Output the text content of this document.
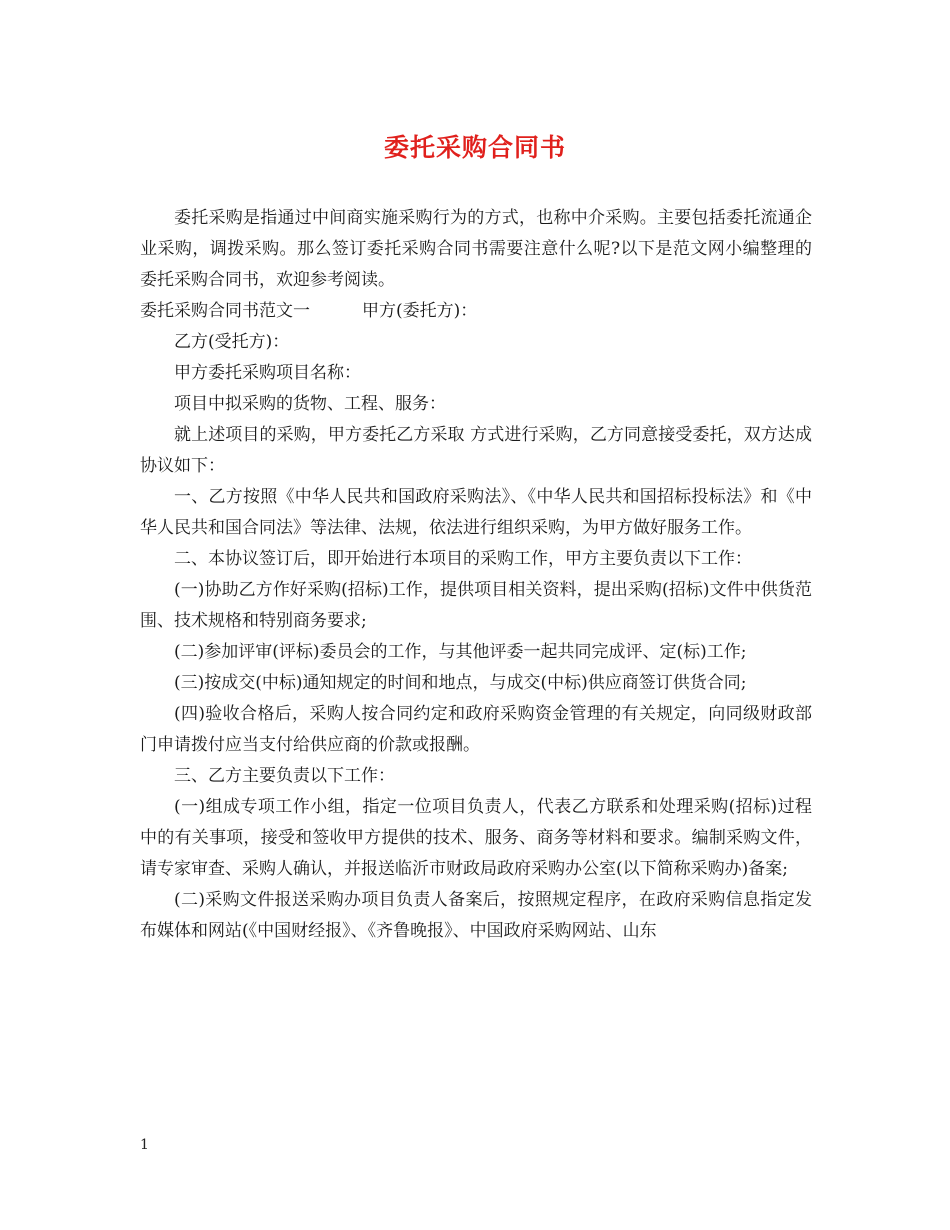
委托采购合同书

委托采购是指通过中间商实施采购行为的方式，也称中介采购。主要包括委托流通企业采购，调拨采购。那么签订委托采购合同书需要注意什么呢?以下是范文网小编整理的委托采购合同书，欢迎参考阅读。

委托采购合同书范文一	甲方(委托方)：

乙方(受托方)：

甲方委托采购项目名称：

项目中拟采购的货物、工程、服务：

就上述项目的采购，甲方委托乙方采取 方式进行采购，乙方同意接受委托，双方达成协议如下：

一、乙方按照《中华人民共和国政府采购法》、《中华人民共和国招标投标法》和《中华人民共和国合同法》等法律、法规，依法进行组织采购，为甲方做好服务工作。

二、本协议签订后，即开始进行本项目的采购工作，甲方主要负责以下工作：

(一)协助乙方作好采购(招标)工作，提供项目相关资料，提出采购(招标)文件中供货范围、技术规格和特别商务要求;

(二)参加评审(评标)委员会的工作，与其他评委一起共同完成评、定(标)工作;

(三)按成交(中标)通知规定的时间和地点，与成交(中标)供应商签订供货合同;

(四)验收合格后，采购人按合同约定和政府采购资金管理的有关规定，向同级财政部门申请拨付应当支付给供应商的价款或报酬。

三、乙方主要负责以下工作：

(一)组成专项工作小组，指定一位项目负责人，代表乙方联系和处理采购(招标)过程中的有关事项，接受和签收甲方提供的技术、服务、商务等材料和要求。编制采购文件，请专家审查、采购人确认，并报送临沂市财政局政府采购办公室(以下简称采购办)备案;

(二)采购文件报送采购办项目负责人备案后，按照规定程序，在政府采购信息指定发布媒体和网站(《中国财经报》、《齐鲁晚报》、中国政府采购网站、山东

1
